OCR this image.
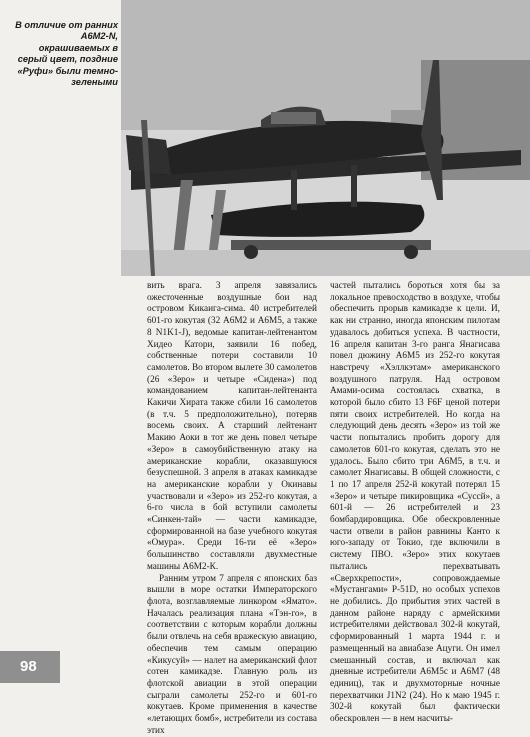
В отличие от ранних А6М2-N, окрашиваемых в серый цвет, поздние «Руфи» были темно-зелеными

вить врага. 3 апреля завязались ожесточенные воздушные бои над островом Кикаига-сима. 40 истребителей 601-го кокутая (32 А6М2 и А6М5, а также 8 N1K1-J), ведомые капитан-лейтенантом Хидео Катори, заявили 16 побед, собственные потери составили 10 самолетов. Во втором вылете 30 самолетов (26 «Зеро» и четыре «Сидена») под командованием капитан-лейтенанта Какичи Хирата также сбили 16 самолетов (в т.ч. 5 предположительно), потеряв восемь своих. А старший лейтенант Макию Аоки в тот же день повел четыре «Зеро» в самоубийственную атаку на американские корабли, оказавшуюся безуспешной. 3 апреля в атаках камикадзе на американские корабли у Окинавы участвовали и «Зеро» из 252-го кокутая, а 6-го числа в бой вступили самолеты «Синкен-тай» — части камикадзе, сформированной на базе учебного кокутая «Омура». Среди 16-ти её «Зеро» большинство составляли двухместные машины А6М2-К.

Ранним утром 7 апреля с японских баз вышли в море остатки Императорского флота, возглавляемые линкором «Ямато». Началась реализация плана «Тэн-го», в соответствии с которым корабли должны были отвлечь на себя вражескую авиацию, обеспечив тем самым операцию «Кикусуй» — налет на американский флот сотен камикадзе. Главную роль из флотской авиации в этой операции сыграли самолеты 252-го и 601-го кокутаев. Кроме применения в качестве «летающих бомб», истребители из состава этих

частей пытались бороться хотя бы за локальное превосходство в воздухе, чтобы обеспечить прорыв камикадзе к цели. И, как ни странно, иногда японским пилотам удавалось добиться успеха. В частности, 16 апреля капитан 3-го ранга Янагисава повел дюжину А6М5 из 252-го кокутая навстречу «Хэллкэтам» американского воздушного патруля. Над островом Амами-осима состоялась схватка, в которой было сбито 13 F6F ценой потери пяти своих истребителей. Но когда на следующий день десять «Зеро» из той же части попытались пробить дорогу для самолетов 601-го кокутая, сделать это не удалось. Было сбито три А6М5, в т.ч. и самолет Янагисавы. В общей сложности, с 1 по 17 апреля 252-й кокутай потерял 15 «Зеро» и четыре пикировщика «Суссй», а 601-й — 26 истребителей и 23 бомбардировщика. Обе обескровленные части отвели в район равнины Канто к юго-западу от Токио, где включили в систему ПВО. «Зеро» этих кокутаев пытались перехватывать «Сверхкрепости», сопровождаемые «Мустангами» Р-51D, но особых успехов не добились. До прибытия этих частей в данном районе наряду с армейскими истребителями действовал 302-й кокутай, сформированный 1 марта 1944 г. и размещенный на авиабазе Ацуги. Он имел смешанный состав, и включал как дневные истребители А6М5с и А6М7 (48 единиц), так и двухмоторные ночные перехватчики J1N2 (24). Но к маю 1945 г. 302-й кокутай был фактически обескровлен — в нем насчиты-

98
